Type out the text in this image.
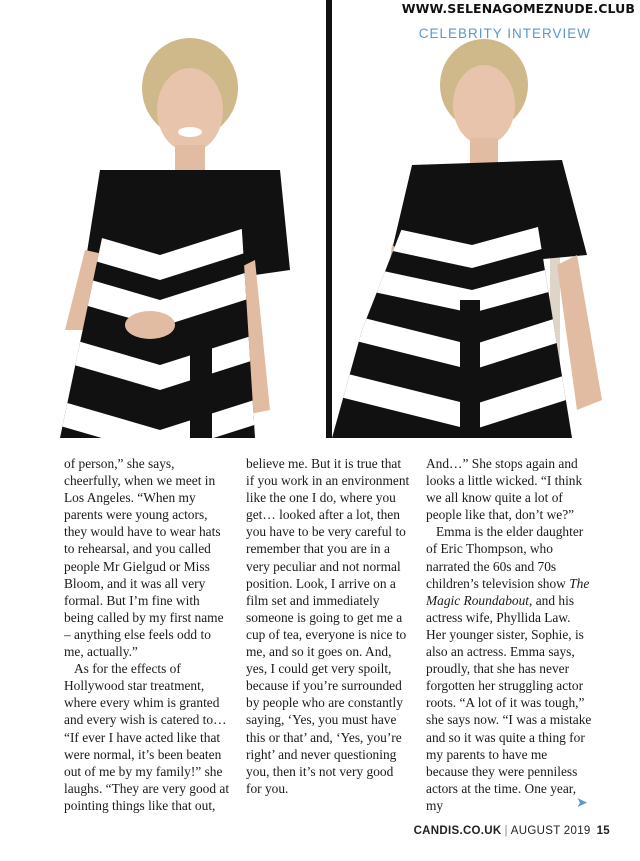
WWW.SELENAGOMEZNUDE.CLUB
CELEBRITY INTERVIEW

of person,” she says, cheerfully, when we meet in Los Angeles. “When my parents were young actors, they would have to wear hats to rehearsal, and you called people Mr Gielgud or Miss Bloom, and it was all very formal. But I’m fine with being called by my first name – anything else feels odd to me, actually.”

As for the effects of Hollywood star treatment, where every whim is granted and every wish is catered to… “If ever I have acted like that were normal, it’s been beaten out of me by my family!” she laughs. “They are very good at pointing things like that out,

believe me. But it is true that if you work in an environment like the one I do, where you get… looked after a lot, then you have to be very careful to remember that you are in a very peculiar and not normal position. Look, I arrive on a film set and immediately someone is going to get me a cup of tea, everyone is nice to me, and so it goes on. And, yes, I could get very spoilt, because if you’re surrounded by people who are constantly saying, ‘Yes, you must have this or that’ and, ‘Yes, you’re right’ and never questioning you, then it’s not very good for you.

And…” She stops again and looks a little wicked. “I think we all know quite a lot of people like that, don’t we?”

Emma is the elder daughter of Eric Thompson, who narrated the 60s and 70s children’s television show The Magic Roundabout, and his actress wife, Phyllida Law. Her younger sister, Sophie, is also an actress. Emma says, proudly, that she has never forgotten her struggling actor roots. “A lot of it was tough,” she says now. “I was a mistake and so it was quite a thing for my parents to have me because they were penniless actors at the time. One year, my	➤
CANDIS.CO.UK | AUGUST 2019 15
